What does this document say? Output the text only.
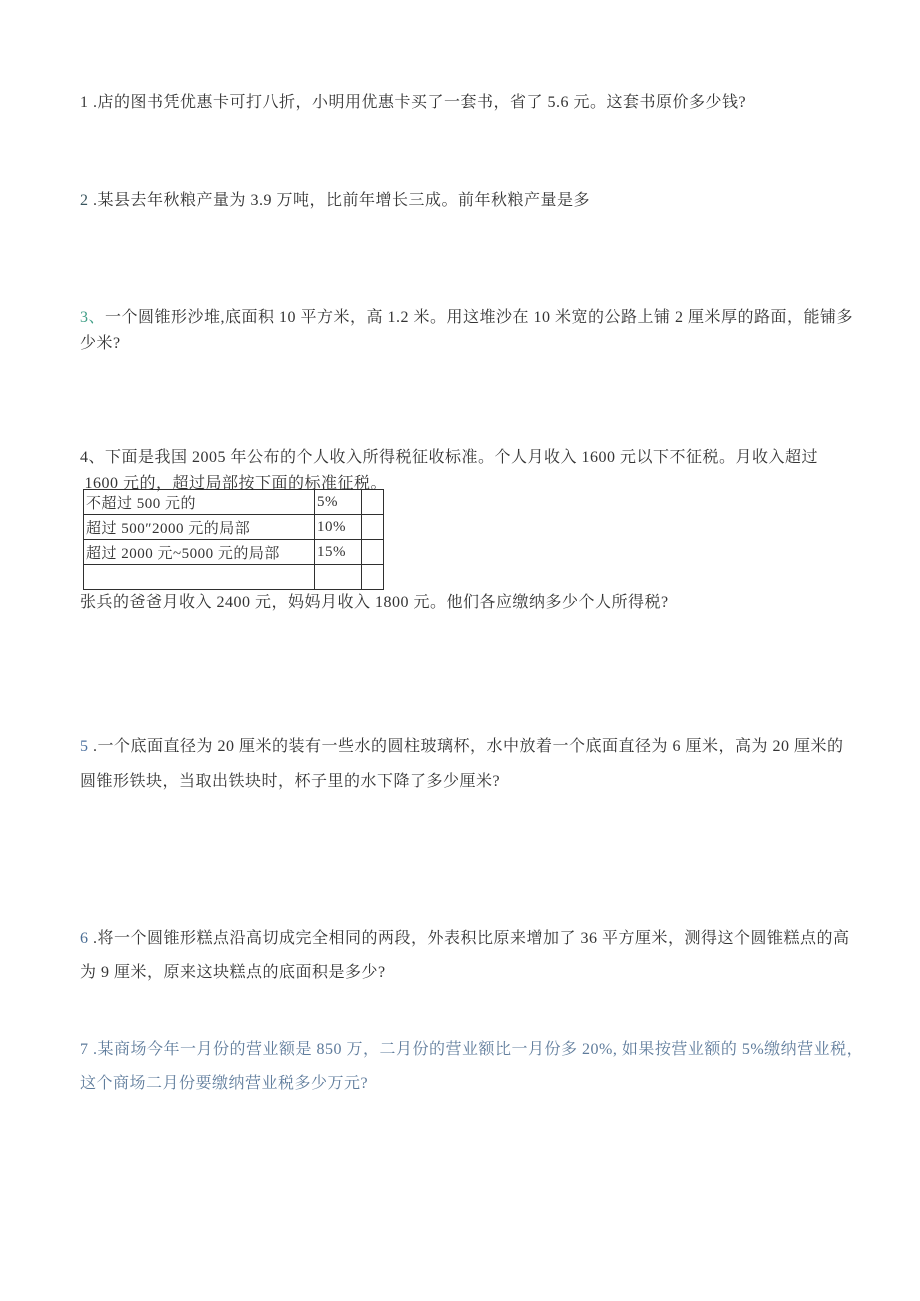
1 .店的图书凭优惠卡可打八折，小明用优惠卡买了一套书，省了 5.6 元。这套书原价多少钱?
2 .某县去年秋粮产量为 3.9 万吨，比前年增长三成。前年秋粮产量是多
3、一个圆锥形沙堆,底面积 10 平方米，高 1.2 米。用这堆沙在 10 米宽的公路上铺 2 厘米厚的路面，能铺多
少米?
4、下面是我国 2005 年公布的个人收入所得税征收标准。个人月收入 1600 元以下不征税。月收入超过
1600 元的，超过局部按下面的标准征税。
不超过 500 元的	5%	
超过 500″2000 元的局部	10%	
超过 2000 元~5000 元的局部	15%	

张兵的爸爸月收入 2400 元，妈妈月收入 1800 元。他们各应缴纳多少个人所得税?
5 .一个底面直径为 20 厘米的装有一些水的圆柱玻璃杯，水中放着一个底面直径为 6 厘米，高为 20 厘米的
圆锥形铁块，当取出铁块时，杯子里的水下降了多少厘米?
6 .将一个圆锥形糕点沿高切成完全相同的两段，外表积比原来增加了 36 平方厘米，测得这个圆锥糕点的高
为 9 厘米，原来这块糕点的底面积是多少?
7 .某商场今年一月份的营业额是 850 万，二月份的营业额比一月份多 20%, 如果按营业额的 5%缴纳营业税，
这个商场二月份要缴纳营业税多少万元?
